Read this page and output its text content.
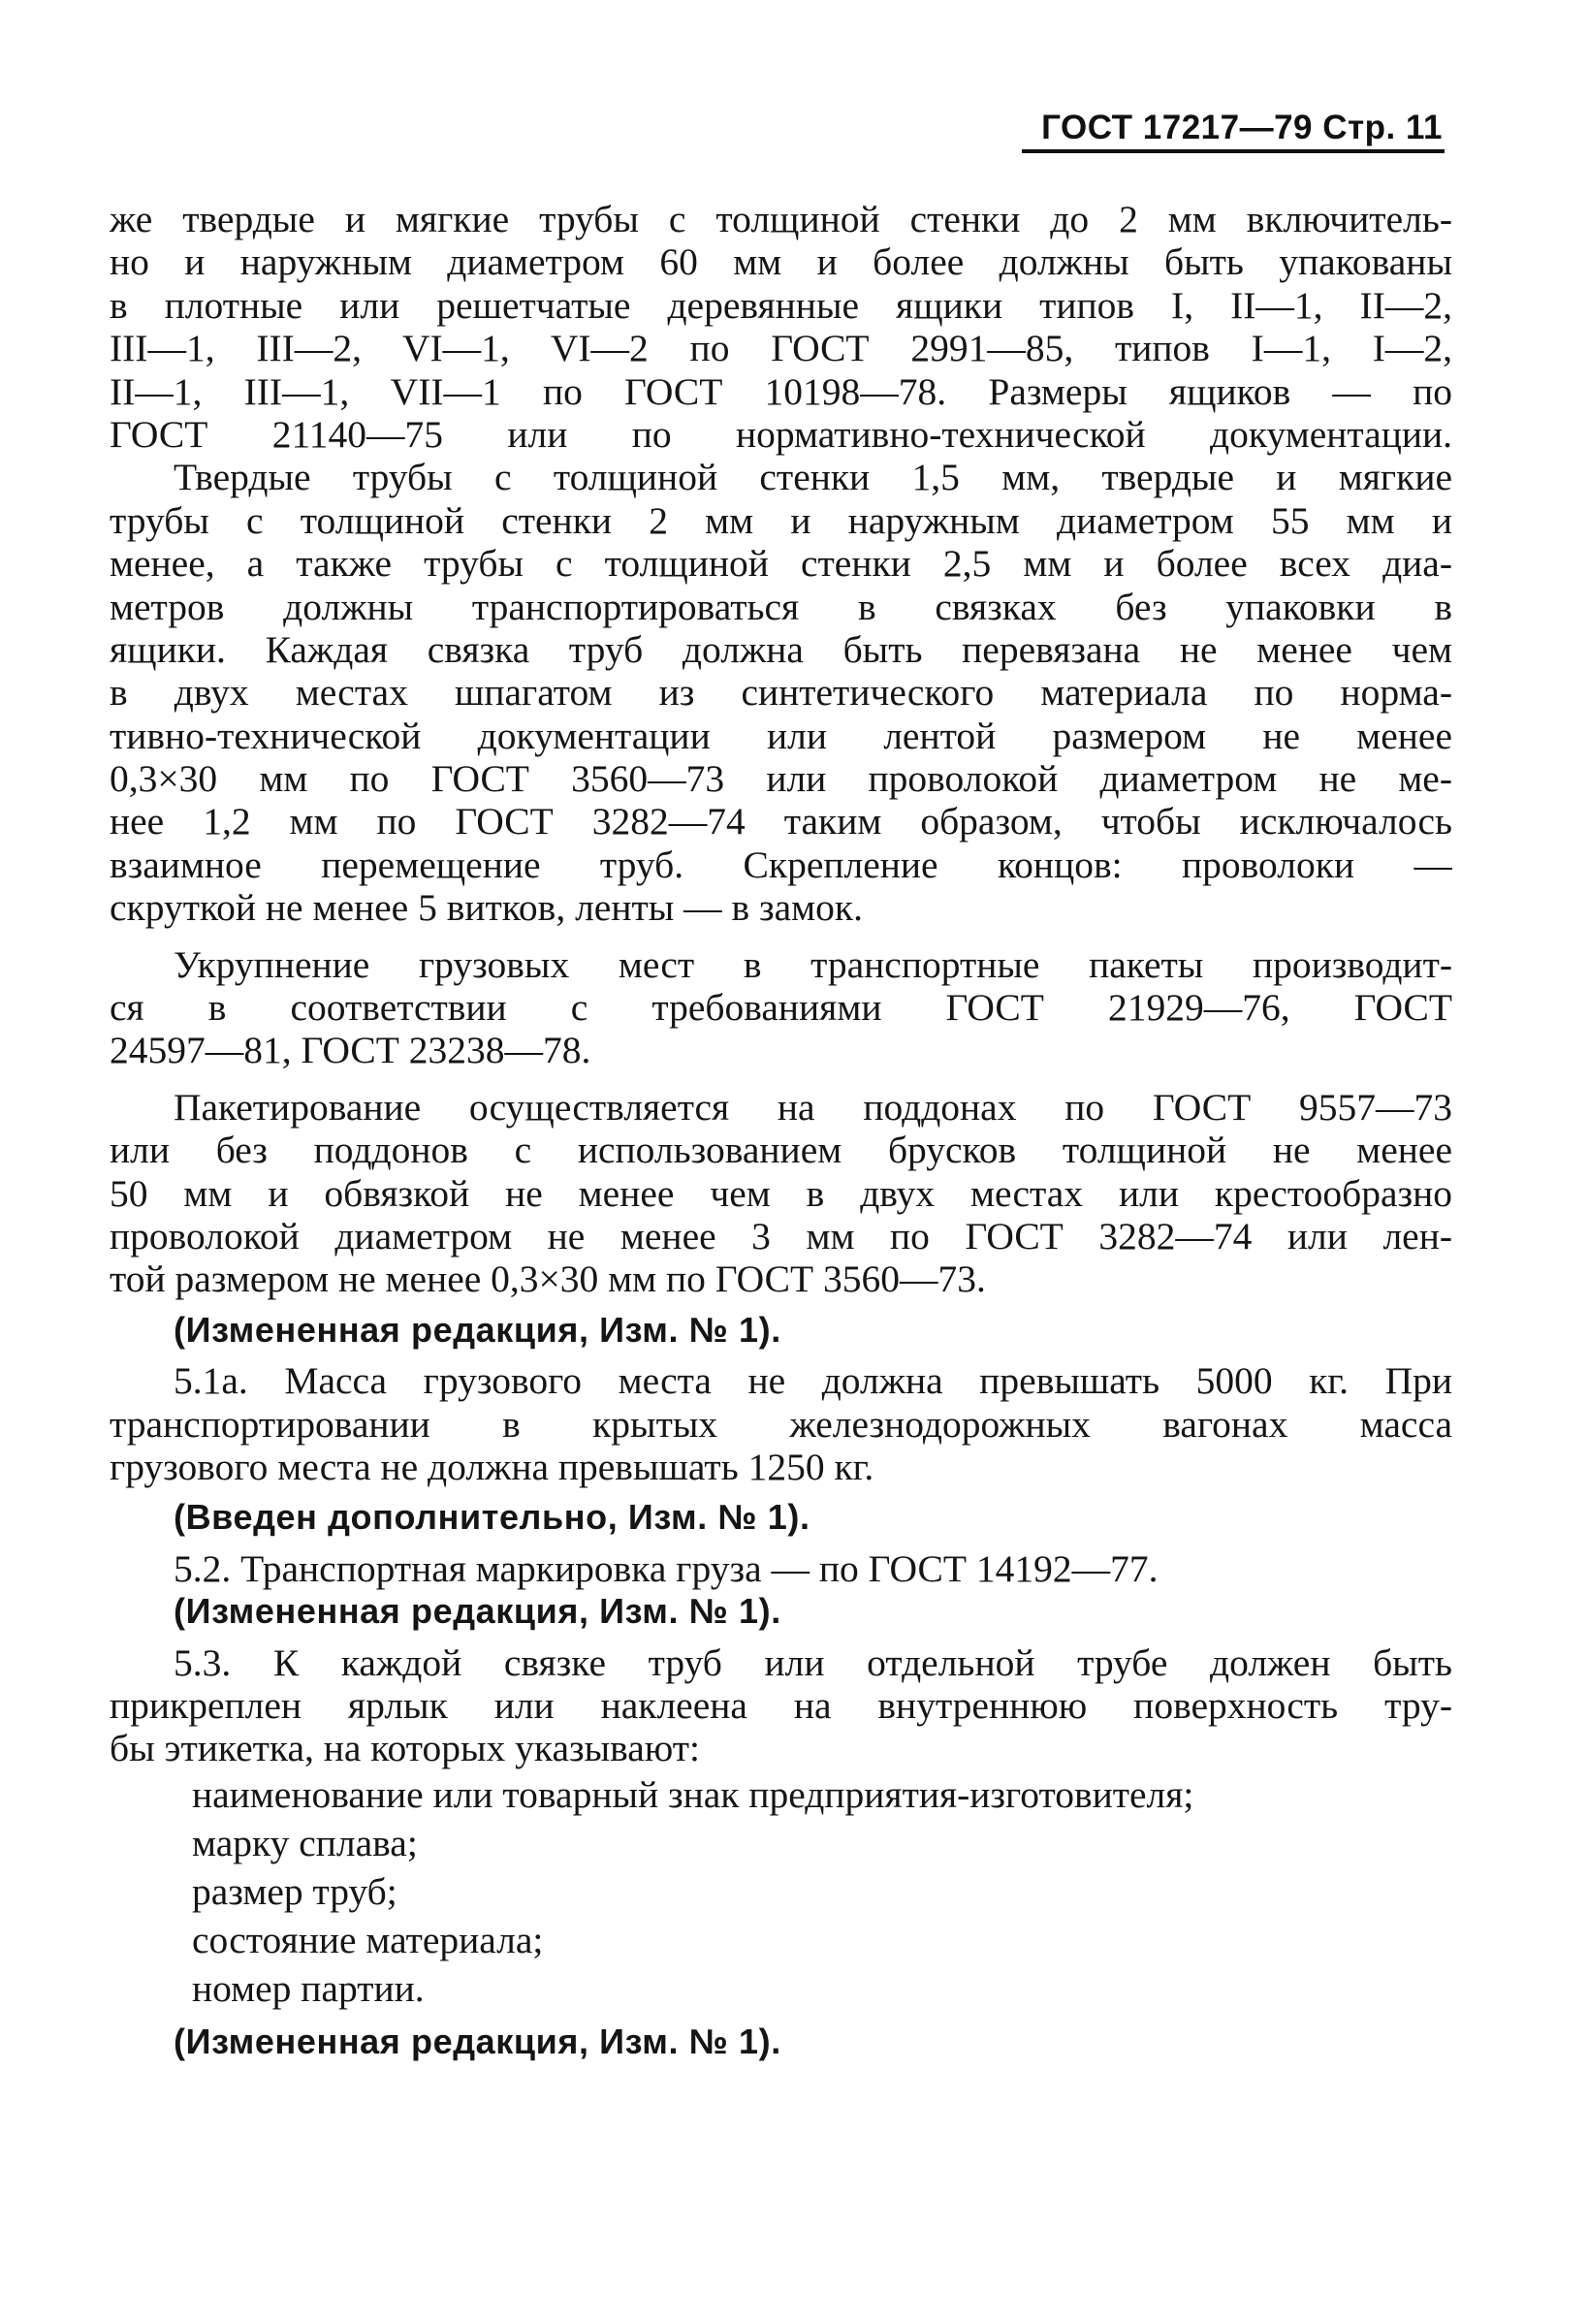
ГОСТ 17217—79 Стр. 11
же твердые и мягкие трубы с толщиной стенки до 2 мм включитель-
но и наружным диаметром 60 мм и более должны быть упакованы
в плотные или решетчатые деревянные ящики типов I, II—1, II—2,
III—1, III—2, VI—1, VI—2 по ГОСТ 2991—85, типов I—1, I—2,
II—1, III—1, VII—1 по ГОСТ 10198—78. Размеры ящиков — по
ГОСТ 21140—75 или по нормативно-технической документации.
Твердые трубы с толщиной стенки 1,5 мм, твердые и мягкие
трубы с толщиной стенки 2 мм и наружным диаметром 55 мм и
менее, а также трубы с толщиной стенки 2,5 мм и более всех диа-
метров должны транспортироваться в связках без упаковки в
ящики. Каждая связка труб должна быть перевязана не менее чем
в двух местах шпагатом из синтетического материала по норма-
тивно-технической документации или лентой размером не менее
0,3×30 мм по ГОСТ 3560—73 или проволокой диаметром не ме-
нее 1,2 мм по ГОСТ 3282—74 таким образом, чтобы исключалось
взаимное перемещение труб. Скрепление концов: проволоки —
скруткой не менее 5 витков, ленты — в замок.
Укрупнение грузовых мест в транспортные пакеты производит-
ся в соответствии с требованиями ГОСТ 21929—76, ГОСТ
24597—81, ГОСТ 23238—78.
Пакетирование осуществляется на поддонах по ГОСТ 9557—73
или без поддонов с использованием брусков толщиной не менее
50 мм и обвязкой не менее чем в двух местах или крестообразно
проволокой диаметром не менее 3 мм по ГОСТ 3282—74 или лен-
той размером не менее 0,3×30 мм по ГОСТ 3560—73.
(Измененная редакция, Изм. № 1).
5.1а. Масса грузового места не должна превышать 5000 кг. При
транспортировании в крытых железнодорожных вагонах масса
грузового места не должна превышать 1250 кг.
(Введен дополнительно, Изм. № 1).
5.2. Транспортная маркировка груза — по ГОСТ 14192—77.
(Измененная редакция, Изм. № 1).
5.3. К каждой связке труб или отдельной трубе должен быть
прикреплен ярлык или наклеена на внутреннюю поверхность тру-
бы этикетка, на которых указывают:
наименование или товарный знак предприятия-изготовителя;
марку сплава;
размер труб;
состояние материала;
номер партии.
(Измененная редакция, Изм. № 1).
